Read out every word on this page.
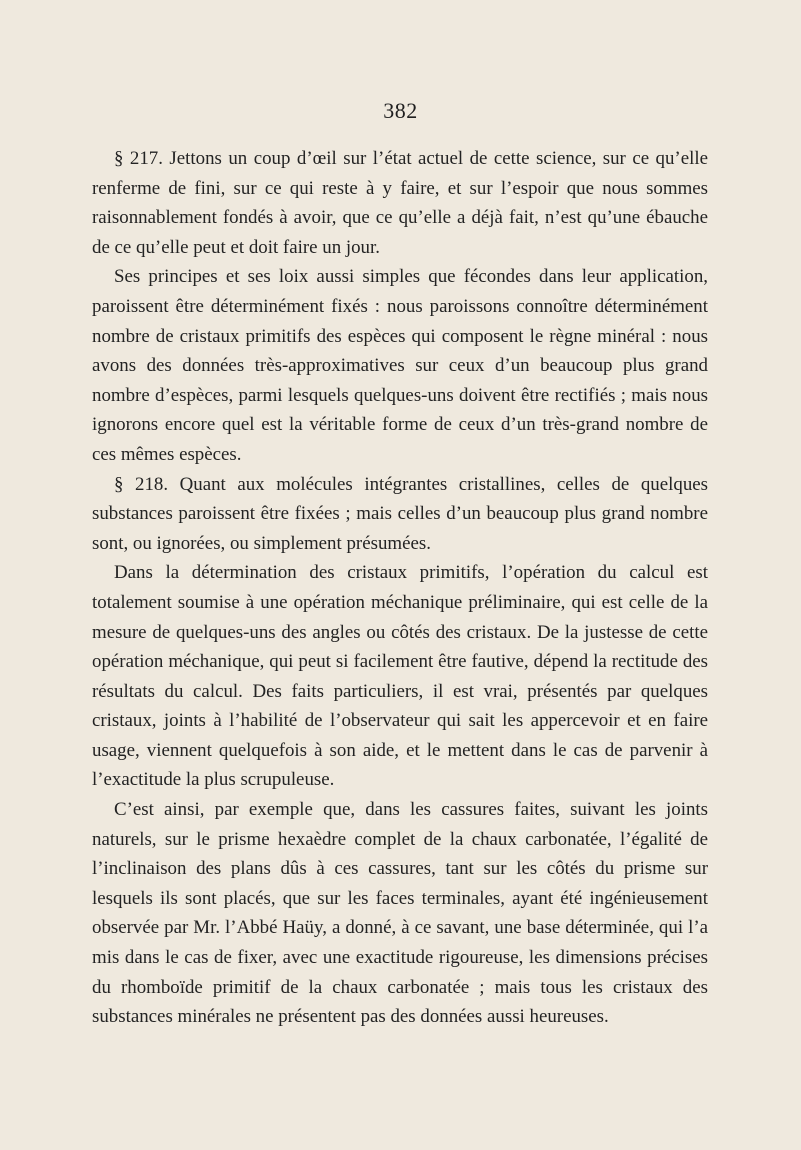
382

§ 217. Jettons un coup d’œil sur l’état actuel de cette science, sur ce qu’elle renferme de fini, sur ce qui reste à y faire, et sur l’espoir que nous sommes raisonnablement fondés à avoir, que ce qu’elle a déjà fait, n’est qu’une ébauche de ce qu’elle peut et doit faire un jour.

Ses principes et ses loix aussi simples que fécondes dans leur application, paroissent être déterminément fixés : nous paroissons connoître déterminément nombre de cristaux primitifs des espèces qui composent le règne minéral : nous avons des données très-approximatives sur ceux d’un beaucoup plus grand nombre d’espèces, parmi lesquels quelques-uns doivent être rectifiés ; mais nous ignorons encore quel est la véritable forme de ceux d’un très-grand nombre de ces mêmes espèces.

§ 218. Quant aux molécules intégrantes cristallines, celles de quelques substances paroissent être fixées ; mais celles d’un beaucoup plus grand nombre sont, ou ignorées, ou simplement présumées.

Dans la détermination des cristaux primitifs, l’opération du calcul est totalement soumise à une opération méchanique préliminaire, qui est celle de la mesure de quelques-uns des angles ou côtés des cristaux. De la justesse de cette opération méchanique, qui peut si facilement être fautive, dépend la rectitude des résultats du calcul. Des faits particuliers, il est vrai, présentés par quelques cristaux, joints à l’habilité de l’observateur qui sait les appercevoir et en faire usage, viennent quelquefois à son aide, et le mettent dans le cas de parvenir à l’exactitude la plus scrupuleuse.

C’est ainsi, par exemple que, dans les cassures faites, suivant les joints naturels, sur le prisme hexaèdre complet de la chaux carbonatée, l’égalité de l’inclinaison des plans dûs à ces cassures, tant sur les côtés du prisme sur lesquels ils sont placés, que sur les faces terminales, ayant été ingénieusement observée par Mr. l’Abbé Haüy, a donné, à ce savant, une base déterminée, qui l’a mis dans le cas de fixer, avec une exactitude rigoureuse, les dimensions précises du rhomboïde primitif de la chaux carbonatée ; mais tous les cristaux des substances minérales ne présentent pas des données aussi heureuses.
